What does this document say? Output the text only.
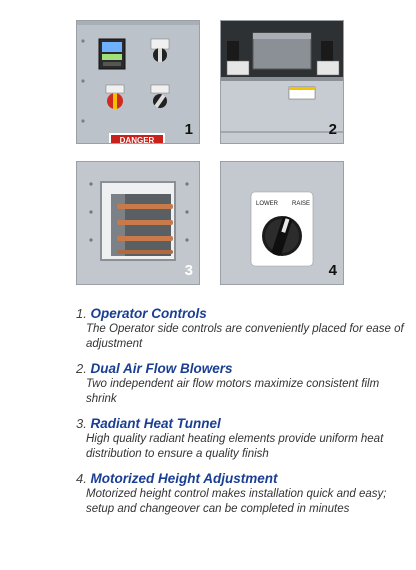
DANGER
1	2
3
LOWER RAISE
4
1. Operator Controls
The Operator side controls are conveniently placed for ease of adjustment
2. Dual Air Flow Blowers
Two independent air flow motors maximize consistent film shrink
3. Radiant Heat Tunnel
High quality radiant heating elements provide uniform heat distribution to ensure a quality finish
4. Motorized Height Adjustment
Motorized height control makes installation quick and easy; setup and changeover can be completed in minutes
